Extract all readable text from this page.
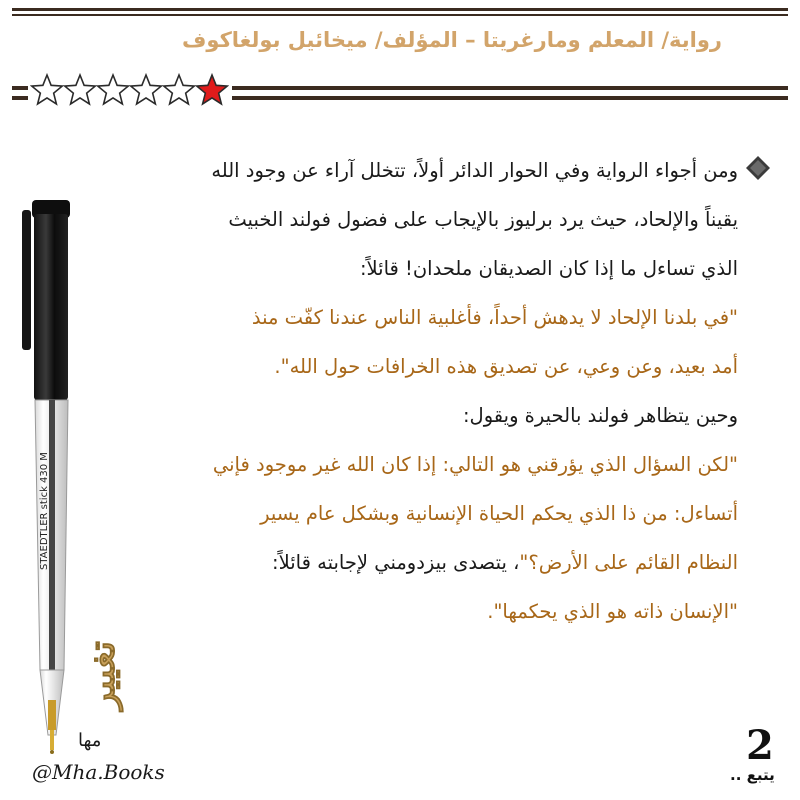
رواية/ المعلم ومارغريتا – المؤلف/ ميخائيل بولغاكوف
ومن أجواء الرواية وفي الحوار الدائر أولاً، تتخلل آراء عن وجود الله
يقيناً والإلحاد، حيث يرد برليوز بالإيجاب على فضول فولند الخبيث
الذي تساءل ما إذا كان الصديقان ملحدان! قائلاً:
"في بلدنا الإلحاد لا يدهش أحداً، فأغلبية الناس عندنا كفّت منذ
أمد بعيد، وعن وعي، عن تصديق هذه الخرافات حول الله".
وحين يتظاهر فولند بالحيرة ويقول:
"لكن السؤال الذي يؤرقني هو التالي: إذا كان الله غير موجود فإني
أتساءل: من ذا الذي يحكم الحياة الإنسانية وبشكل عام يسير
النظام القائم على الأرض؟"، يتصدى بيزدومني لإجابته قائلاً:
"الإنسان ذاته هو الذي يحكمها".
STAEDTLER stick 430 M
تغيير
مها
@Mha.Books
2
يتبع ..
